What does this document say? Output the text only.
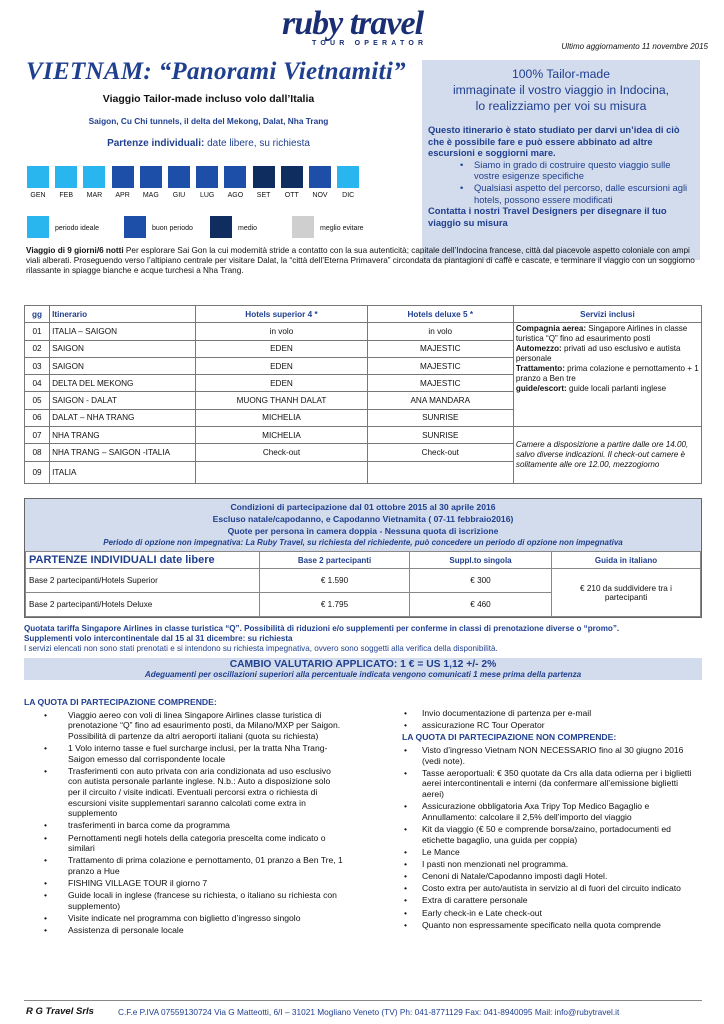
ruby travel
TOUR OPERATOR	Ultimo aggiornamento 11 novembre 2015
VIETNAM: “Panorami Vietnamiti”
Viaggio Tailor-made incluso volo dall’Italia
Saigon, Cu Chi tunnels, il delta del Mekong, Dalat, Nha Trang
Partenze individuali: date libere, su richiesta
100% Tailor-made
immaginate il vostro viaggio in Indocina,
lo realizziamo per voi su misura
Questo itinerario è stato studiato per darvi un’idea di ciò che è possibile fare e può essere abbinato ad altre escursioni e soggiorni mare.
• Siamo in grado di costruire questo viaggio sulle vostre esigenze specifiche
• Qualsiasi aspetto del percorso, dalle escursioni agli hotels, possono essere modificati
Contatta i nostri Travel Designers per disegnare il tuo viaggio su misura
GEN	FEB	MAR	APR	MAG	GIU	LUG	AGO	SET	OTT	NOV	DIC
periodo ideale	buon periodo	medio	meglio evitare
Viaggio di 9 giorni/6 notti Per esplorare Sai Gon la cui modernità stride a contatto con la sua autenticità; capitale dell’Indocina francese, città dal piacevole aspetto coloniale con ampi viali alberati. Proseguendo verso l’altipiano centrale per visitare Dalat, la “città dell’Eterna Primavera” circondata da piantagioni di caffè e cascate, e terminare il viaggio con un soggiorno rilassante in spiagge bianche e acque turchesi a Nha Trang.
gg	Itinerario	Hotels superior 4 *	Hotels deluxe 5 *	Servizi inclusi
01	ITALIA – SAIGON	in volo	in volo	Compagnia aerea: Singapore Airlines in classe turistica “Q” fino ad esaurimento posti
Automezzo: privati ad uso esclusivo e autista personale
Trattamento: prima colazione e pernottamento + 1 pranzo a Ben tre
guide/escort: guide locali parlanti inglese
02	SAIGON	EDEN	MAJESTIC	
03	SAIGON	EDEN	MAJESTIC	
04	DELTA DEL MEKONG	EDEN	MAJESTIC	
05	SAIGON - DALAT	MUONG THANH DALAT	ANA MANDARA	
06	DALAT – NHA TRANG	MICHELIA	SUNRISE	
07	NHA TRANG	MICHELIA	SUNRISE	Camere a disposizione a partire dalle ore 14.00, salvo diverse indicazioni. Il check-out camere è solitamente alle ore 12.00, mezzogiorno
08	NHA TRANG – SAIGON -ITALIA	Check-out	Check-out	
09	ITALIA			
Condizioni di partecipazione dal 01 ottobre 2015 al 30 aprile 2016
Escluso natale/capodanno, e Capodanno Vietnamita ( 07-11 febbraio2016)
Quote per persona in camera doppia - Nessuna quota di iscrizione
Periodo di opzione non impegnativa: La Ruby Travel, su richiesta del richiedente, può concedere un periodo di opzione non impegnativa
PARTENZE INDIVIDUALI date libere	Base 2 partecipanti	Suppl.to singola	Guida in italiano
Base 2 partecipanti/Hotels Superior	€ 1.590	€ 300	€ 210 da suddividere tra i partecipanti
Base 2 partecipanti/Hotels Deluxe	€ 1.795	€ 460	
Quotata tariffa Singapore Airlines in classe turistica “Q”. Possibilità di riduzioni e/o supplementi per conferme in classi di prenotazione diverse o “promo”.
Supplementi volo intercontinentale dal 15 al 31 dicembre: su richiesta
I servizi elencati non sono stati prenotati e si intendono su richiesta impegnativa, ovvero sono soggetti alla verifica della disponibilità.
CAMBIO VALUTARIO APPLICATO: 1 € = US 1,12 +/- 2%
Adeguamenti per oscillazioni superiori alla percentuale indicata vengono comunicati 1 mese prima della partenza
LA QUOTA DI PARTECIPAZIONE COMPRENDE:
• Viaggio aereo con voli di linea Singapore Airlines classe turistica di prenotazione “Q” fino ad esaurimento posti, da Milano/MXP per Saigon. Possibilità di partenze da altri aeroporti italiani (quota su richiesta)
• 1 Volo interno tasse e fuel surcharge inclusi, per la tratta Nha Trang-Saigon emesso dal corrispondente locale
• Trasferimenti con auto privata con aria condizionata ad uso esclusivo con autista personale parlante inglese. N.b.: Auto a disposizione solo per il circuito / visite indicati. Eventuali percorsi extra o richiesta di escursioni visite supplementari saranno calcolati come extra in supplemento
• trasferimenti in barca come da programma
• Pernottamenti negli hotels della categoria prescelta come indicato o similari
• Trattamento di prima colazione e pernottamento, 01 pranzo a Ben Tre, 1 pranzo a Hue
• FISHING VILLAGE TOUR il giorno 7
• Guide locali in inglese (francese su richiesta, o italiano su richiesta con supplemento)
• Visite indicate nel programma con biglietto d’ingresso singolo
• Assistenza di personale locale
• Invio documentazione di partenza per e-mail
• assicurazione RC Tour Operator
LA QUOTA DI PARTECIPAZIONE NON COMPRENDE:
• Visto d’ingresso Vietnam NON NECESSARIO fino al 30 giugno 2016 (vedi note).
• Tasse aeroportuali: € 350 quotate da Crs alla data odierna per i biglietti aerei intercontinentali e interni (da confermare all’emissione biglietti aerei)
• Assicurazione obbligatoria Axa Tripy Top Medico Bagaglio e Annullamento: calcolare il 2,5% dell’importo del viaggio
• Kit da viaggio (€ 50 e comprende borsa/zaino, portadocumenti ed etichette bagaglio, una guida per coppia)
• Le Mance
• I pasti non menzionati nel programma.
• Cenoni di Natale/Capodanno imposti dagli Hotel.
• Costo extra per auto/autista in servizio al di fuori del circuito indicato
• Extra di carattere personale
• Early check-in e Late check-out
• Quanto non espressamente specificato nella quota comprende
R G Travel Srls	C.F.e P.IVA 07559130724 Via G Matteotti, 6/I – 31021 Mogliano Veneto (TV) Ph: 041-8771129 Fax: 041-8940095 Mail: info@rubytravel.it
